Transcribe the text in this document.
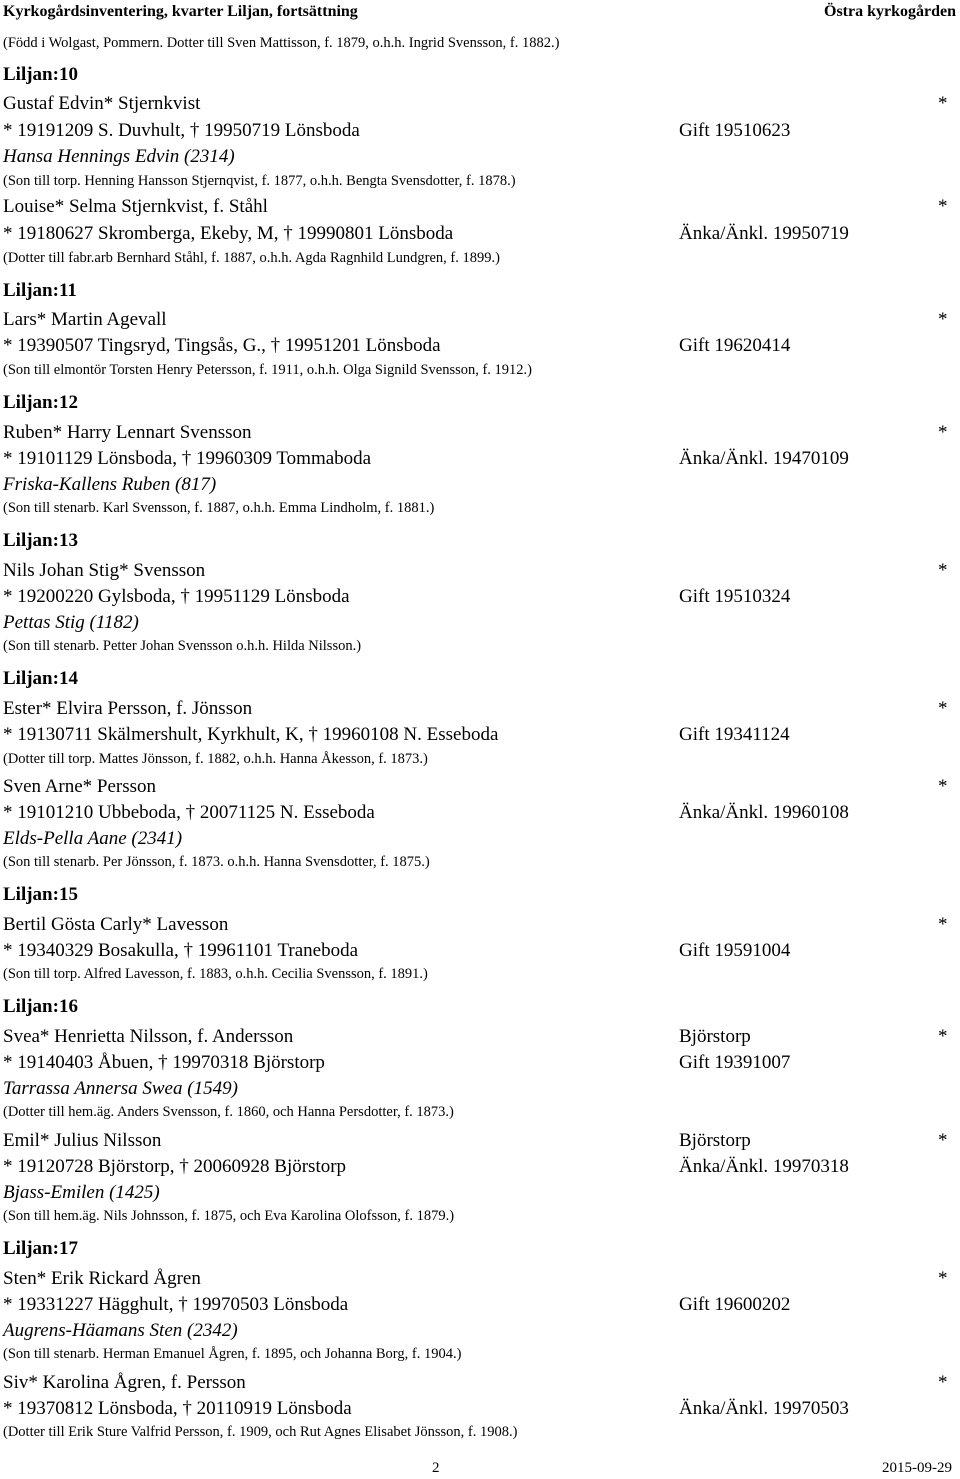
Kyrkogårdsinventering, kvarter Liljan, fortsättning	Östra kyrkogården
(Född i Wolgast, Pommern. Dotter till Sven Mattisson, f. 1879, o.h.h. Ingrid Svensson, f. 1882.)
Liljan:10
Gustaf Edvin* Stjernkvist	*
* 19191209 S. Duvhult, † 19950719 Lönsboda	Gift 19510623
Hansa Hennings Edvin (2314)
(Son till torp. Henning Hansson Stjernqvist, f. 1877, o.h.h. Bengta Svensdotter, f. 1878.)
Louise* Selma Stjernkvist, f. Ståhl	*
* 19180627 Skromberga, Ekeby, M, † 19990801 Lönsboda	Änka/Änkl. 19950719
(Dotter till fabr.arb Bernhard Ståhl, f. 1887, o.h.h. Agda Ragnhild Lundgren, f. 1899.)
Liljan:11
Lars* Martin Agevall	*
* 19390507 Tingsryd, Tingsås, G., † 19951201 Lönsboda	Gift 19620414
(Son till elmontör Torsten Henry Petersson, f. 1911, o.h.h. Olga Signild Svensson, f. 1912.)
Liljan:12
Ruben* Harry Lennart Svensson	*
* 19101129 Lönsboda, † 19960309 Tommaboda	Änka/Änkl. 19470109
Friska-Kallens Ruben (817)
(Son till stenarb. Karl Svensson, f. 1887, o.h.h. Emma Lindholm, f. 1881.)
Liljan:13
Nils Johan Stig* Svensson	*
* 19200220 Gylsboda, † 19951129 Lönsboda	Gift 19510324
Pettas Stig (1182)
(Son till stenarb. Petter Johan Svensson o.h.h. Hilda Nilsson.)
Liljan:14
Ester* Elvira Persson, f. Jönsson	*
* 19130711 Skälmershult, Kyrkhult, K, † 19960108 N. Esseboda	Gift 19341124
(Dotter till torp. Mattes Jönsson, f. 1882, o.h.h. Hanna Åkesson, f. 1873.)
Sven Arne* Persson	*
* 19101210 Ubbeboda, † 20071125 N. Esseboda	Änka/Änkl. 19960108
Elds-Pella Aane (2341)
(Son till stenarb. Per Jönsson, f. 1873. o.h.h. Hanna Svensdotter, f. 1875.)
Liljan:15
Bertil Gösta Carly* Lavesson	*
* 19340329 Bosakulla, † 19961101 Traneboda	Gift 19591004
(Son till torp. Alfred Lavesson, f. 1883, o.h.h. Cecilia Svensson, f. 1891.)
Liljan:16
Svea* Henrietta Nilsson, f. Andersson	Björstorp	*
* 19140403 Åbuen, † 19970318 Björstorp	Gift 19391007
Tarrassa Annersa Swea (1549)
(Dotter till hem.äg. Anders Svensson, f. 1860, och Hanna Persdotter, f. 1873.)
Emil* Julius Nilsson	Björstorp	*
* 19120728 Björstorp, † 20060928 Björstorp	Änka/Änkl. 19970318
Bjass-Emilen (1425)
(Son till hem.äg. Nils Johnsson, f. 1875, och Eva Karolina Olofsson, f. 1879.)
Liljan:17
Sten* Erik Rickard Ågren	*
* 19331227 Hägghult, † 19970503 Lönsboda	Gift 19600202
Augrens-Häamans Sten (2342)
(Son till stenarb. Herman Emanuel Ågren, f. 1895, och Johanna Borg, f. 1904.)
Siv* Karolina Ågren, f. Persson	*
* 19370812 Lönsboda, † 20110919 Lönsboda	Änka/Änkl. 19970503
(Dotter till Erik Sture Valfrid Persson, f. 1909, och Rut Agnes Elisabet Jönsson, f. 1908.)
2	2015-09-29
